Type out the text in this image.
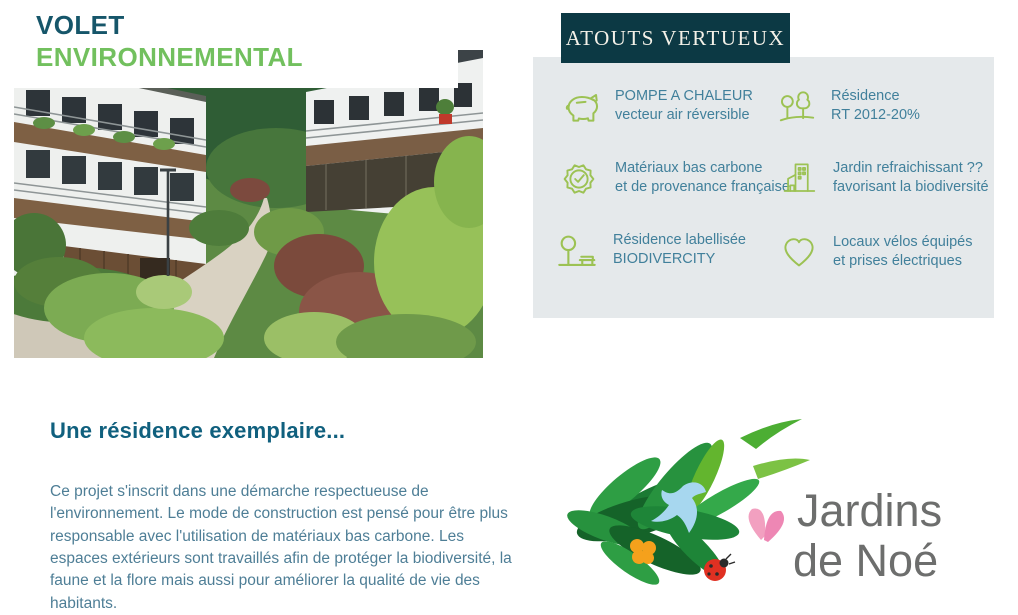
VOLET
ENVIRONNEMENTAL
ATOUTS VERTUEUX
POMPE A CHALEUR
vecteur air réversible
Résidence
RT 2012-20%
Matériaux bas carbone
et de provenance française
Jardin refraichissant ??
favorisant la biodiversité
Résidence labellisée
BIODIVERCITY
Locaux vélos équipés
et prises électriques
Une résidence exemplaire...
Ce projet s'inscrit dans une démarche respectueuse de l'environnement. Le mode de construction est pensé pour être plus responsable avec l'utilisation de matériaux bas carbone. Les espaces extérieurs sont travaillés afin de protéger la biodiversité, la faune et la flore mais aussi pour améliorer la qualité de vie des habitants.
Jardins
de Noé
